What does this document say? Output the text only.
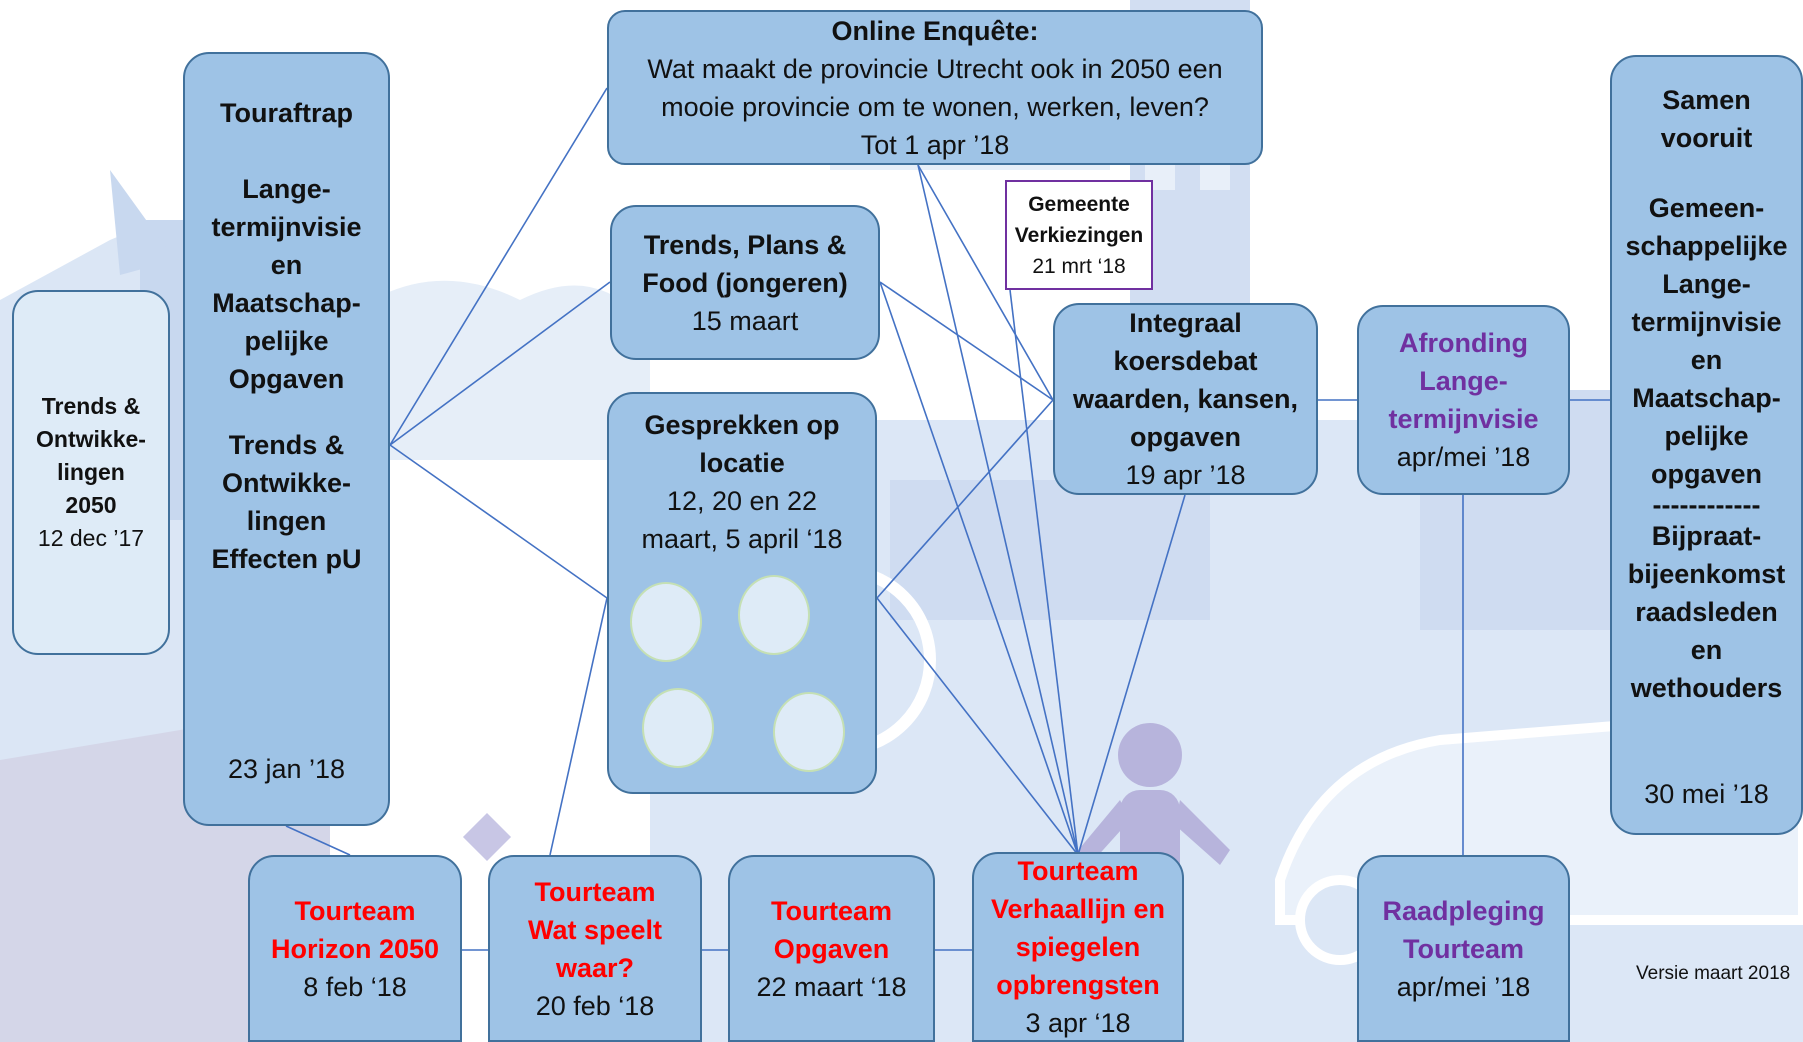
Trends &
Ontwikke-
lingen
2050
12 dec ’17
Touraftrap
Lange-
termijnvisie
en
Maatschap-
pelijke
Opgaven
Trends &
Ontwikke-
lingen
Effecten pU
23 jan ’18
Online Enquête:
Wat maakt de provincie Utrecht ook in 2050 een
mooie provincie om te wonen, werken, leven?
Tot 1 apr ’18
Trends, Plans &
Food (jongeren)
15 maart
Gesprekken op
locatie
12, 20 en 22
maart, 5 april ‘18
Gemeente
Verkiezingen
21 mrt ‘18
Integraal
koersdebat
waarden, kansen,
opgaven
19 apr ’18
Afronding
Lange-
termijnvisie
apr/mei ’18
Samen
vooruit
Gemeen-
schappelijke
Lange-
termijnvisie
en
Maatschap-
pelijke
opgaven
------------
Bijpraat-
bijeenkomst
raadsleden
en
wethouders
30 mei ’18
Tourteam
Horizon 2050
8 feb ‘18
Tourteam
Wat speelt
waar?
20 feb ‘18
Tourteam
Opgaven
22 maart ‘18
Tourteam
Verhaallijn en
spiegelen
opbrengsten
3 apr ‘18
Raadpleging
Tourteam
apr/mei ’18	Versie maart 2018
